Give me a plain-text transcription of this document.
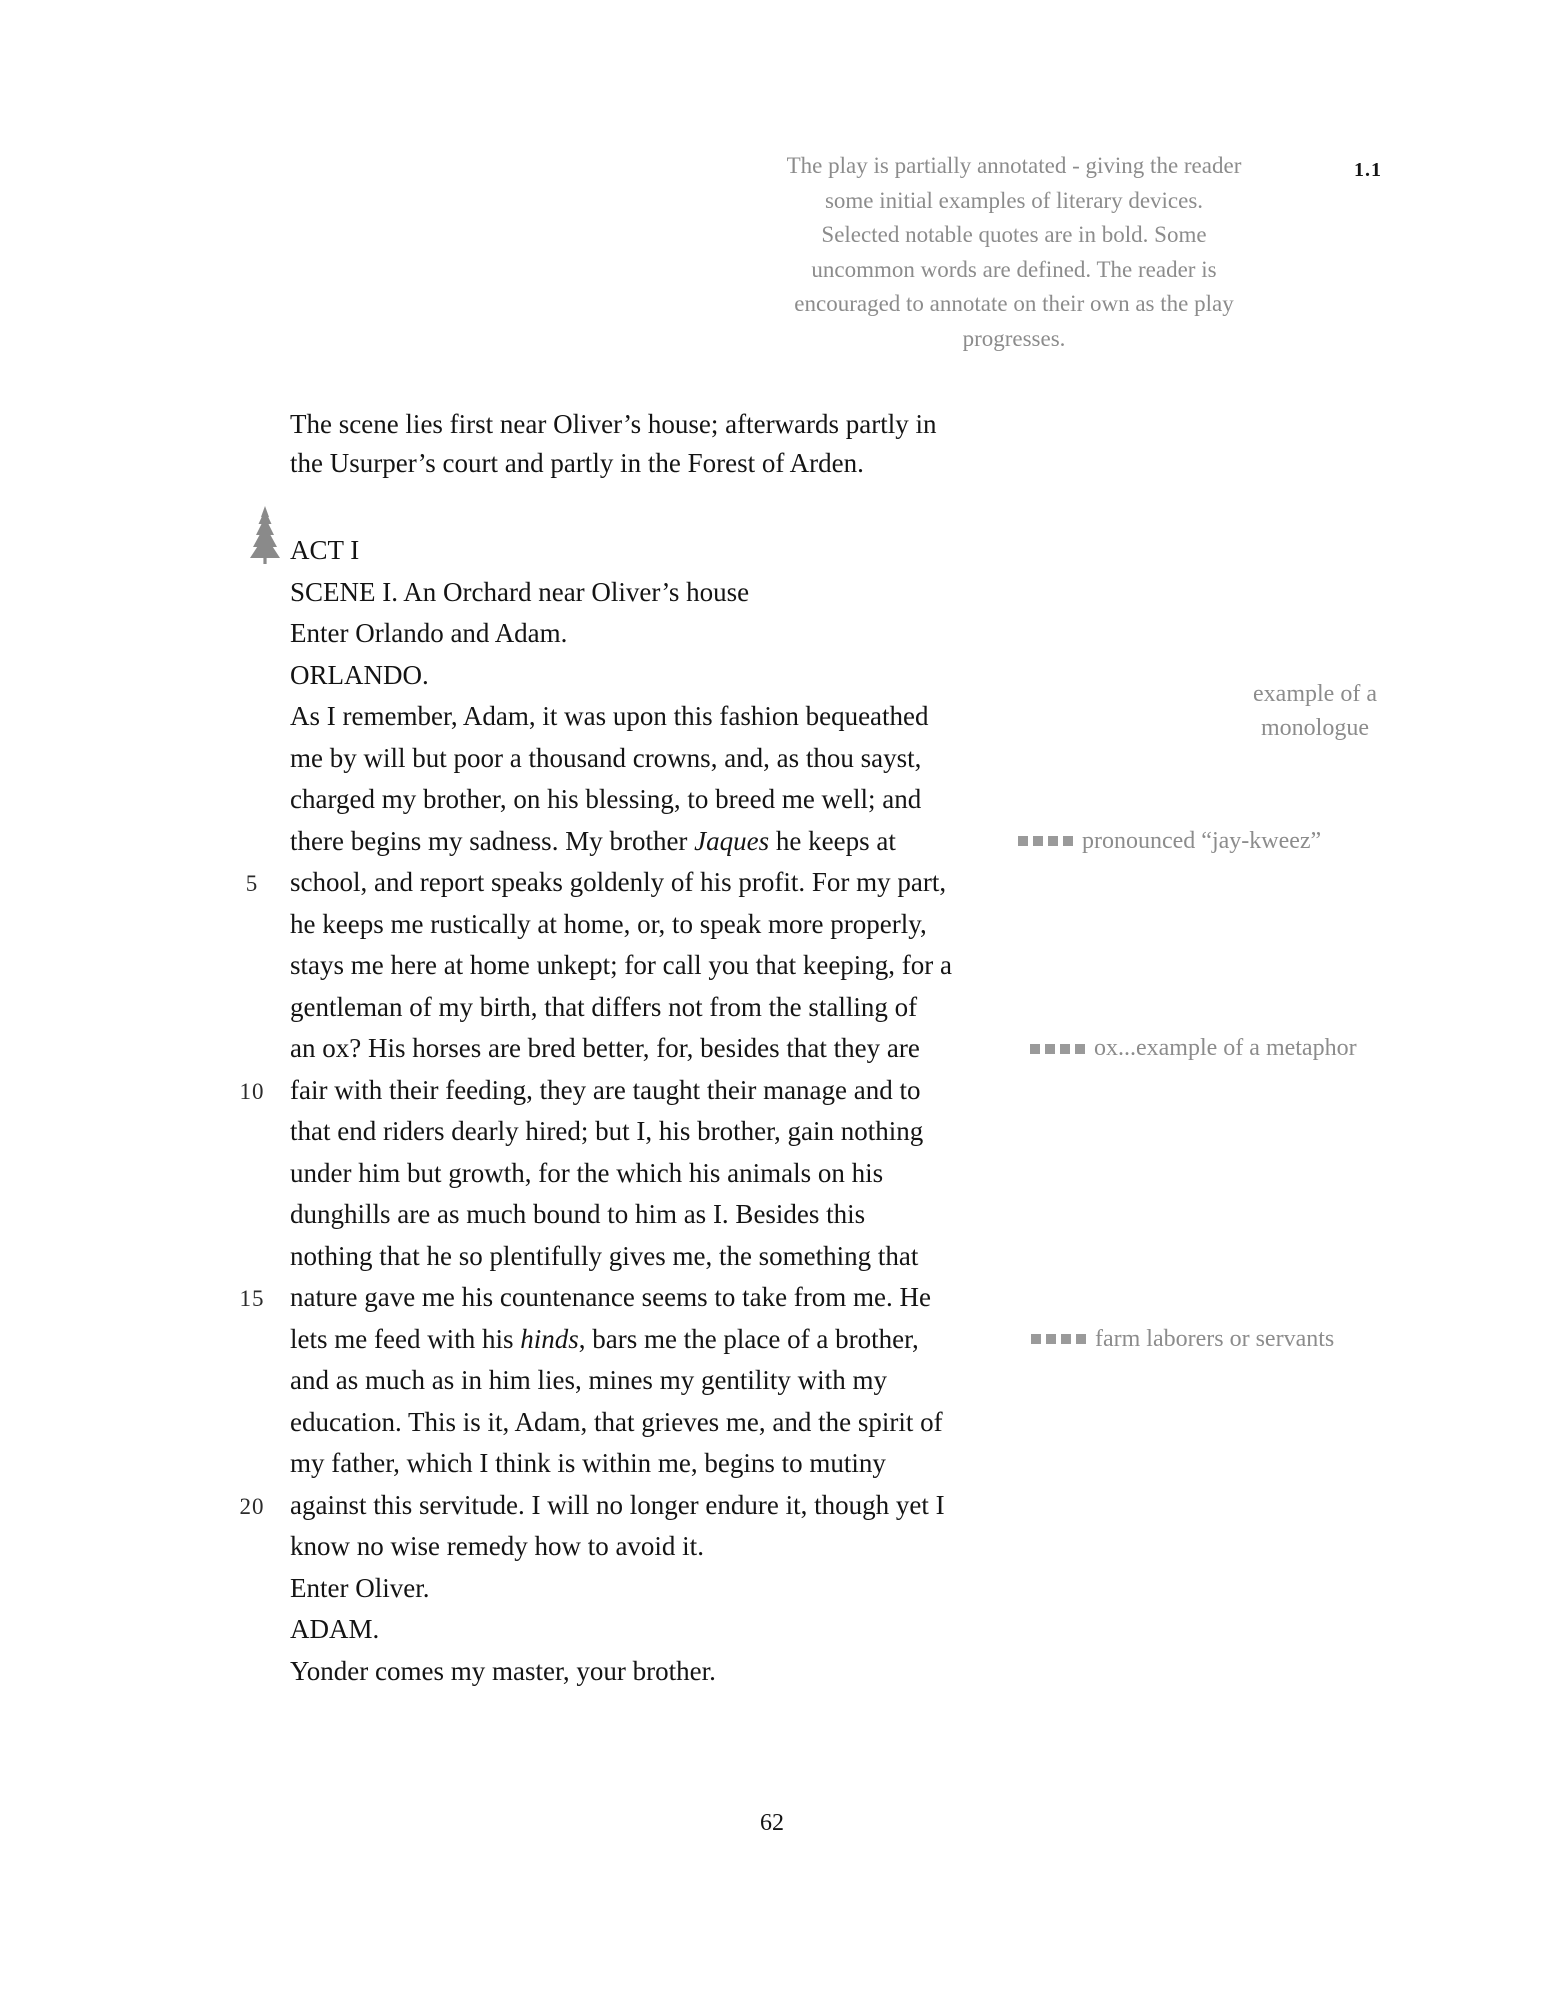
1.1
The play is partially annotated - giving the reader
some initial examples of literary devices.
Selected notable quotes are in bold. Some
uncommon words are defined. The reader is
encouraged to annotate on their own as the play
progresses.
The scene lies first near Oliver’s house; afterwards partly in
the Usurper’s court and partly in the Forest of Arden.
ACT I
SCENE I. An Orchard near Oliver’s house
Enter Orlando and Adam.
ORLANDO.
As I remember, Adam, it was upon this fashion bequeathed
me by will but poor a thousand crowns, and, as thou sayst,
charged my brother, on his blessing, to breed me well; and
there begins my sadness. My brother Jaques he keeps at
5	school, and report speaks goldenly of his profit. For my part,
he keeps me rustically at home, or, to speak more properly,
stays me here at home unkept; for call you that keeping, for a
gentleman of my birth, that differs not from the stalling of
an ox? His horses are bred better, for, besides that they are
10 fair with their feeding, they are taught their manage and to
that end riders dearly hired; but I, his brother, gain nothing
under him but growth, for the which his animals on his
dunghills are as much bound to him as I. Besides this
nothing that he so plentifully gives me, the something that
15 nature gave me his countenance seems to take from me. He
lets me feed with his hinds, bars me the place of a brother,
and as much as in him lies, mines my gentility with my
education. This is it, Adam, that grieves me, and the spirit of
my father, which I think is within me, begins to mutiny
20 against this servitude. I will no longer endure it, though yet I
know no wise remedy how to avoid it.
Enter Oliver.
ADAM.
Yonder comes my master, your brother.
example of a
monologue
pronounced “jay-kweez”
ox...example of a metaphor
farm laborers or servants
62
